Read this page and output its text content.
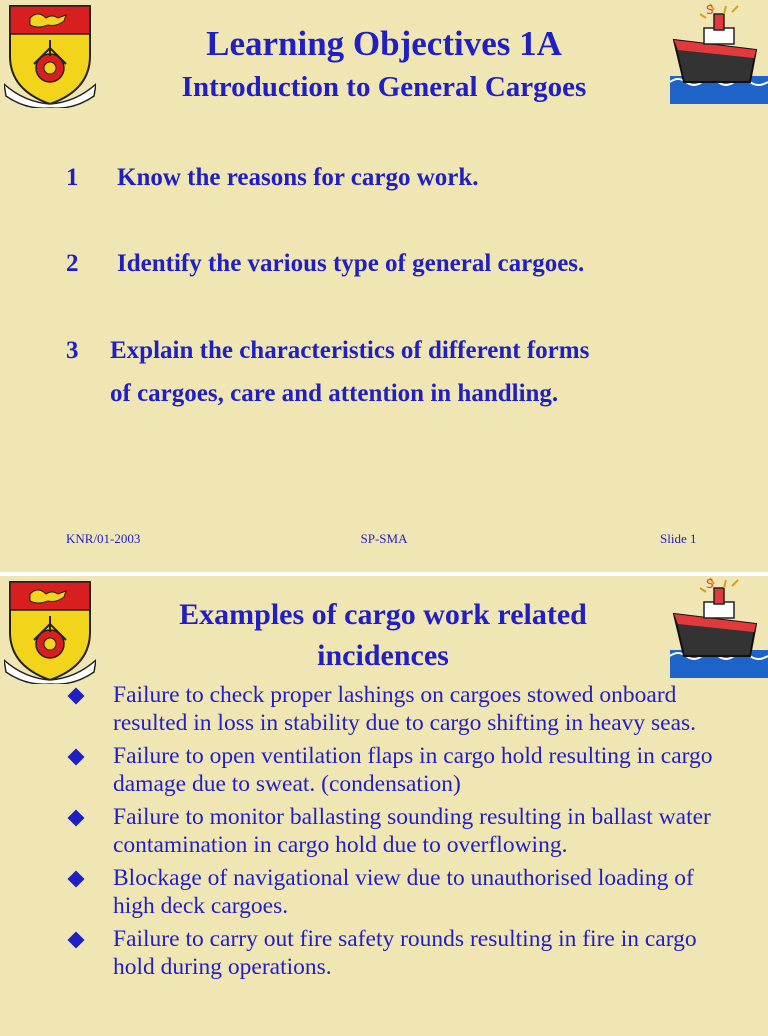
Learning Objectives 1A
Introduction to General Cargoes
S
1 Know the reasons for cargo work.
2 Identify the various type of general cargoes.
3 Explain the characteristics of different forms
of cargoes, care and attention in handling.
KNR/01-2003	SP-SMA	Slide 1
Examples of cargo work related
incidences
S
Failure to check proper lashings on cargoes stowed onboard resulted in loss in stability due to cargo shifting in heavy seas.
Failure to open ventilation flaps in cargo hold resulting in cargo damage due to sweat. (condensation)
Failure to monitor ballasting sounding resulting in ballast water contamination in cargo hold due to overflowing.
Blockage of navigational view due to unauthorised loading of high deck cargoes.
Failure to carry out fire safety rounds resulting in fire in cargo hold during operations.
